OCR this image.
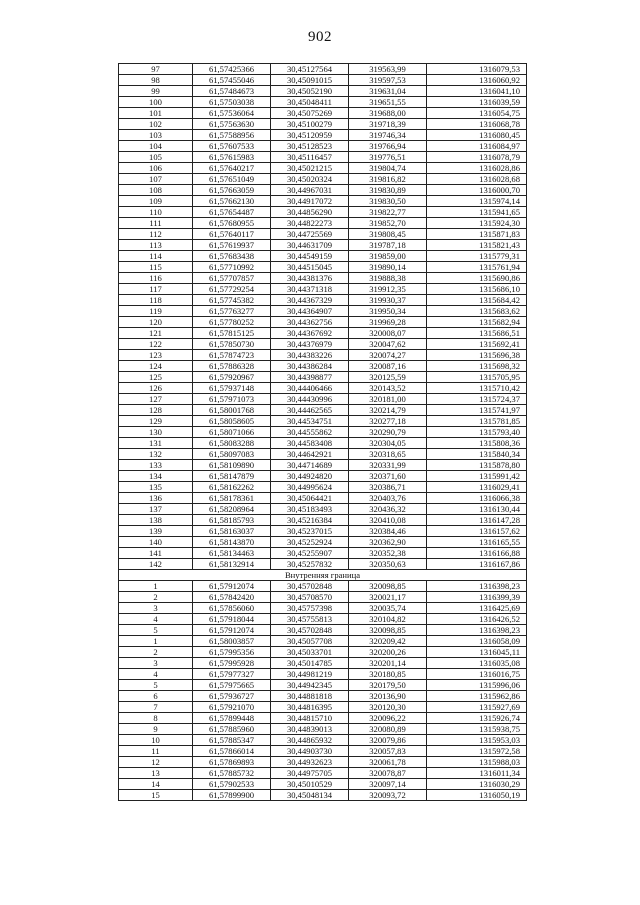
902
97	61,57425366	30,45127564	319563,99	1316079,53
98	61,57455046	30,45091015	319597,53	1316060,92
99	61,57484673	30,45052190	319631,04	1316041,10
100	61,57503038	30,45048411	319651,55	1316039,59
101	61,57536064	30,45075269	319688,00	1316054,75
102	61,57563630	30,45100279	319718,39	1316068,78
103	61,57588956	30,45120959	319746,34	1316080,45
104	61,57607533	30,45128523	319766,94	1316084,97
105	61,57615983	30,45116457	319776,51	1316078,79
106	61,57640217	30,45021215	319804,74	1316028,86
107	61,57651049	30,45020324	319816,82	1316028,68
108	61,57663059	30,44967031	319830,89	1316000,70
109	61,57662130	30,44917072	319830,50	1315974,14
110	61,57654487	30,44856290	319822,77	1315941,65
111	61,57680955	30,44822273	319852,70	1315924,30
112	61,57640117	30,44725569	319808,45	1315871,83
113	61,57619937	30,44631709	319787,18	1315821,43
114	61,57683438	30,44549159	319859,00	1315779,31
115	61,57710992	30,44515045	319890,14	1315761,94
116	61,57707857	30,44381376	319888,38	1315690,86
117	61,57729254	30,44371318	319912,35	1315686,10
118	61,57745382	30,44367329	319930,37	1315684,42
119	61,57763277	30,44364907	319950,34	1315683,62
120	61,57780252	30,44362756	319969,28	1315682,94
121	61,57815125	30,44367692	320008,07	1315686,51
122	61,57850730	30,44376979	320047,62	1315692,41
123	61,57874723	30,44383226	320074,27	1315696,38
124	61,57886328	30,44386284	320087,16	1315698,32
125	61,57920967	30,44398877	320125,59	1315705,95
126	61,57937148	30,44406466	320143,52	1315710,42
127	61,57971073	30,44430996	320181,00	1315724,37
128	61,58001768	30,44462565	320214,79	1315741,97
129	61,58058605	30,44534751	320277,18	1315781,85
130	61,58071066	30,44555862	320290,79	1315793,40
131	61,58083288	30,44583408	320304,05	1315808,36
132	61,58097083	30,44642921	320318,65	1315840,34
133	61,58109890	30,44714689	320331,99	1315878,80
134	61,58147879	30,44924820	320371,60	1315991,42
135	61,58162262	30,44995624	320386,71	1316029,41
136	61,58178361	30,45064421	320403,76	1316066,38
137	61,58208964	30,45183493	320436,32	1316130,44
138	61,58185793	30,45216384	320410,08	1316147,28
139	61,58163037	30,45237015	320384,46	1316157,62
140	61,58143870	30,45252924	320362,90	1316165,55
141	61,58134463	30,45255907	320352,38	1316166,88
142	61,58132914	30,45257832	320350,63	1316167,86
Внутренняя граница				
1	61,57912074	30,45702848	320098,85	1316398,23
2	61,57842420	30,45708570	320021,17	1316399,39
3	61,57856060	30,45757398	320035,74	1316425,69
4	61,57918044	30,45755813	320104,82	1316426,52
5	61,57912074	30,45702848	320098,85	1316398,23
1	61,58003857	30,45057708	320209,42	1316058,09
2	61,57995356	30,45033701	320200,26	1316045,11
3	61,57995928	30,45014785	320201,14	1316035,08
4	61,57977327	30,44981219	320180,85	1316016,75
5	61,57975665	30,44942345	320179,50	1315996,06
6	61,57936727	30,44881818	320136,90	1315962,86
7	61,57921070	30,44816395	320120,30	1315927,69
8	61,57899448	30,44815710	320096,22	1315926,74
9	61,57885960	30,44839013	320080,89	1315938,75
10	61,57885347	30,44865932	320079,86	1315953,03
11	61,57866014	30,44903730	320057,83	1315972,58
12	61,57869893	30,44932623	320061,78	1315988,03
13	61,57885732	30,44975705	320078,87	1316011,34
14	61,57902533	30,45010529	320097,14	1316030,29
15	61,57899900	30,45048134	320093,72	1316050,19
